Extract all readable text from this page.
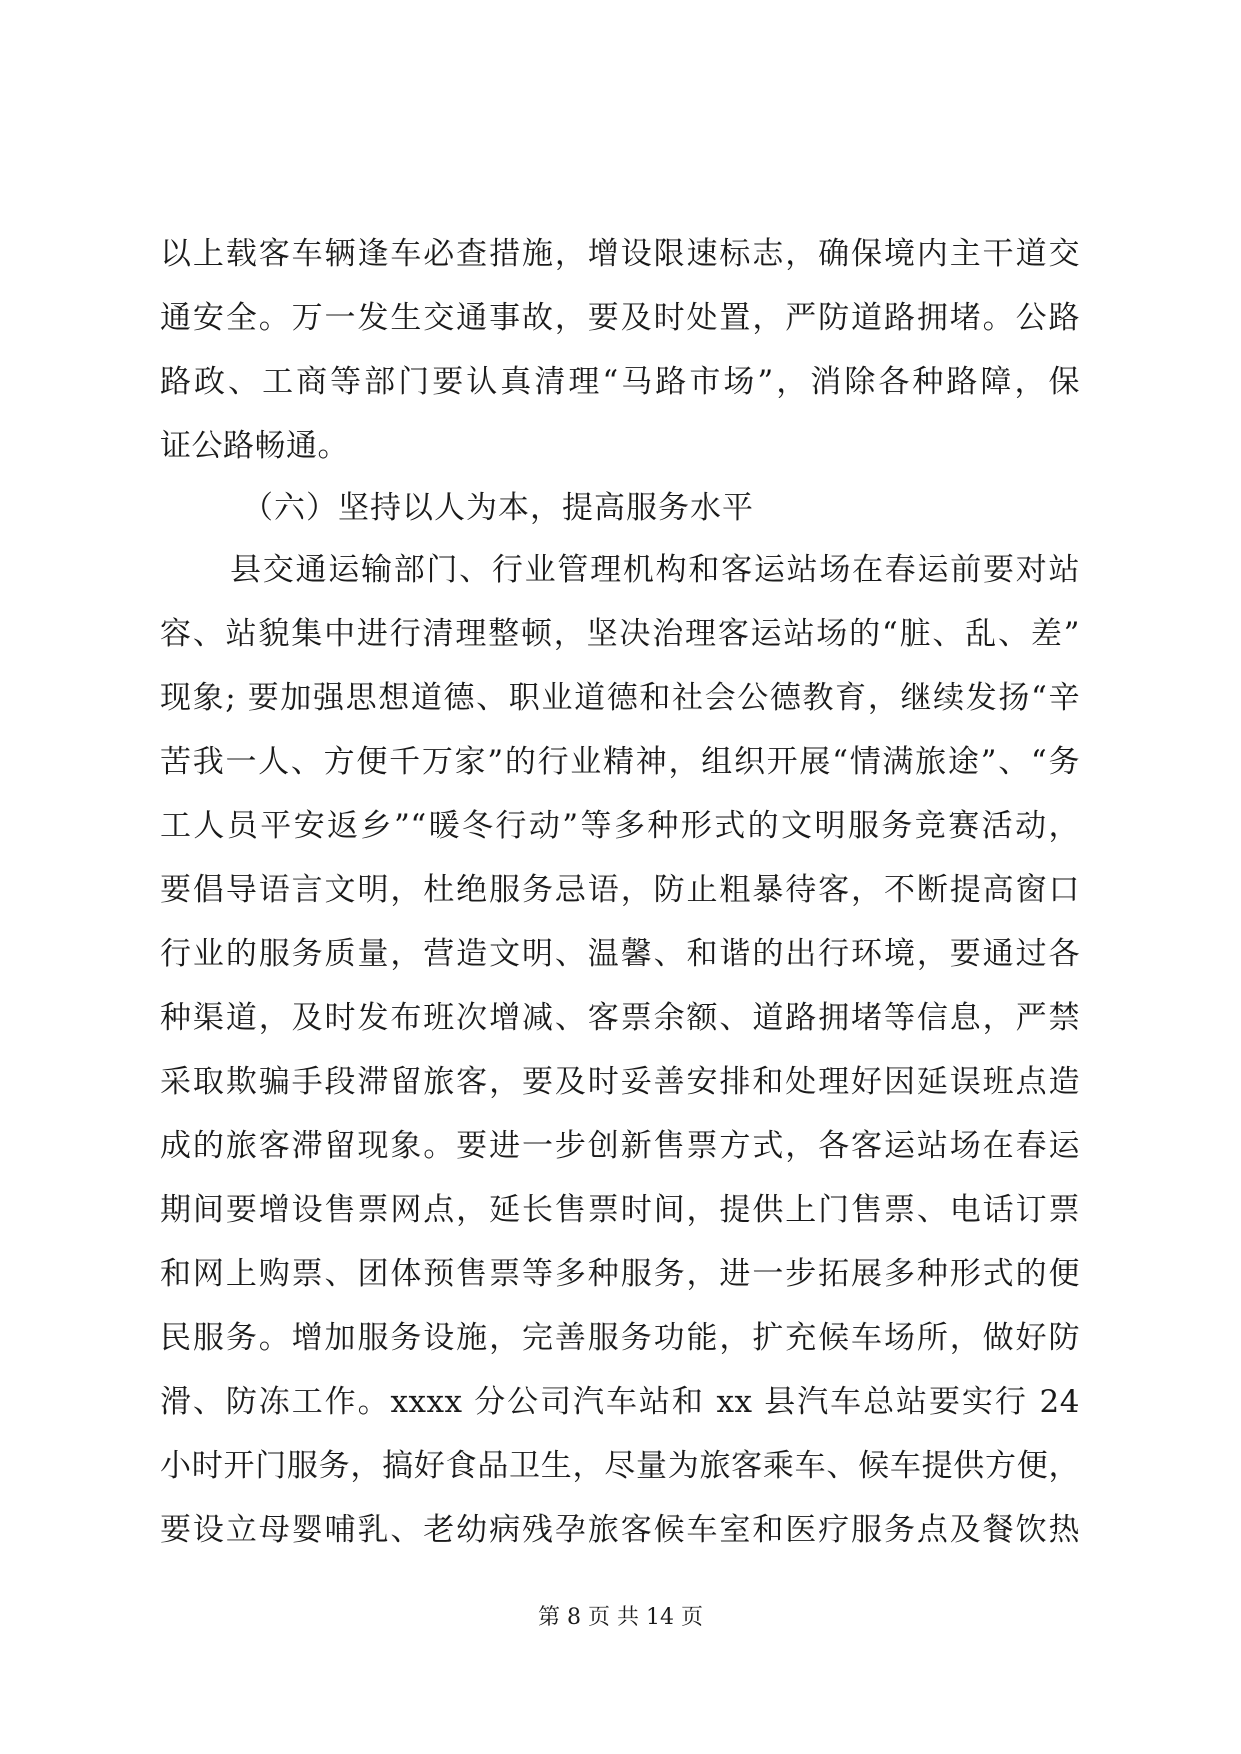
以上载客车辆逢车必查措施，增设限速标志，确保境内主干道交
通安全。万一发生交通事故，要及时处置，严防道路拥堵。公路
路政、工商等部门要认真清理“马路市场”，消除各种路障，保
证公路畅通。
（六）坚持以人为本，提高服务水平
县交通运输部门、行业管理机构和客运站场在春运前要对站
容、站貌集中进行清理整顿，坚决治理客运站场的“脏、乱、差”
现象; 要加强思想道德、职业道德和社会公德教育，继续发扬“辛
苦我一人、方便千万家”的行业精神，组织开展“情满旅途”、“务
工人员平安返乡”“暖冬行动”等多种形式的文明服务竞赛活动，
要倡导语言文明，杜绝服务忌语，防止粗暴待客，不断提高窗口
行业的服务质量，营造文明、温馨、和谐的出行环境，要通过各
种渠道，及时发布班次增减、客票余额、道路拥堵等信息，严禁
采取欺骗手段滞留旅客，要及时妥善安排和处理好因延误班点造
成的旅客滞留现象。要进一步创新售票方式，各客运站场在春运
期间要增设售票网点，延长售票时间，提供上门售票、电话订票
和网上购票、团体预售票等多种服务，进一步拓展多种形式的便
民服务。增加服务设施，完善服务功能，扩充候车场所，做好防
滑、防冻工作。xxxx 分公司汽车站和 xx 县汽车总站要实行 24
小时开门服务，搞好食品卫生，尽量为旅客乘车、候车提供方便，
要设立母婴哺乳、老幼病残孕旅客候车室和医疗服务点及餐饮热
第 8 页 共 14 页
